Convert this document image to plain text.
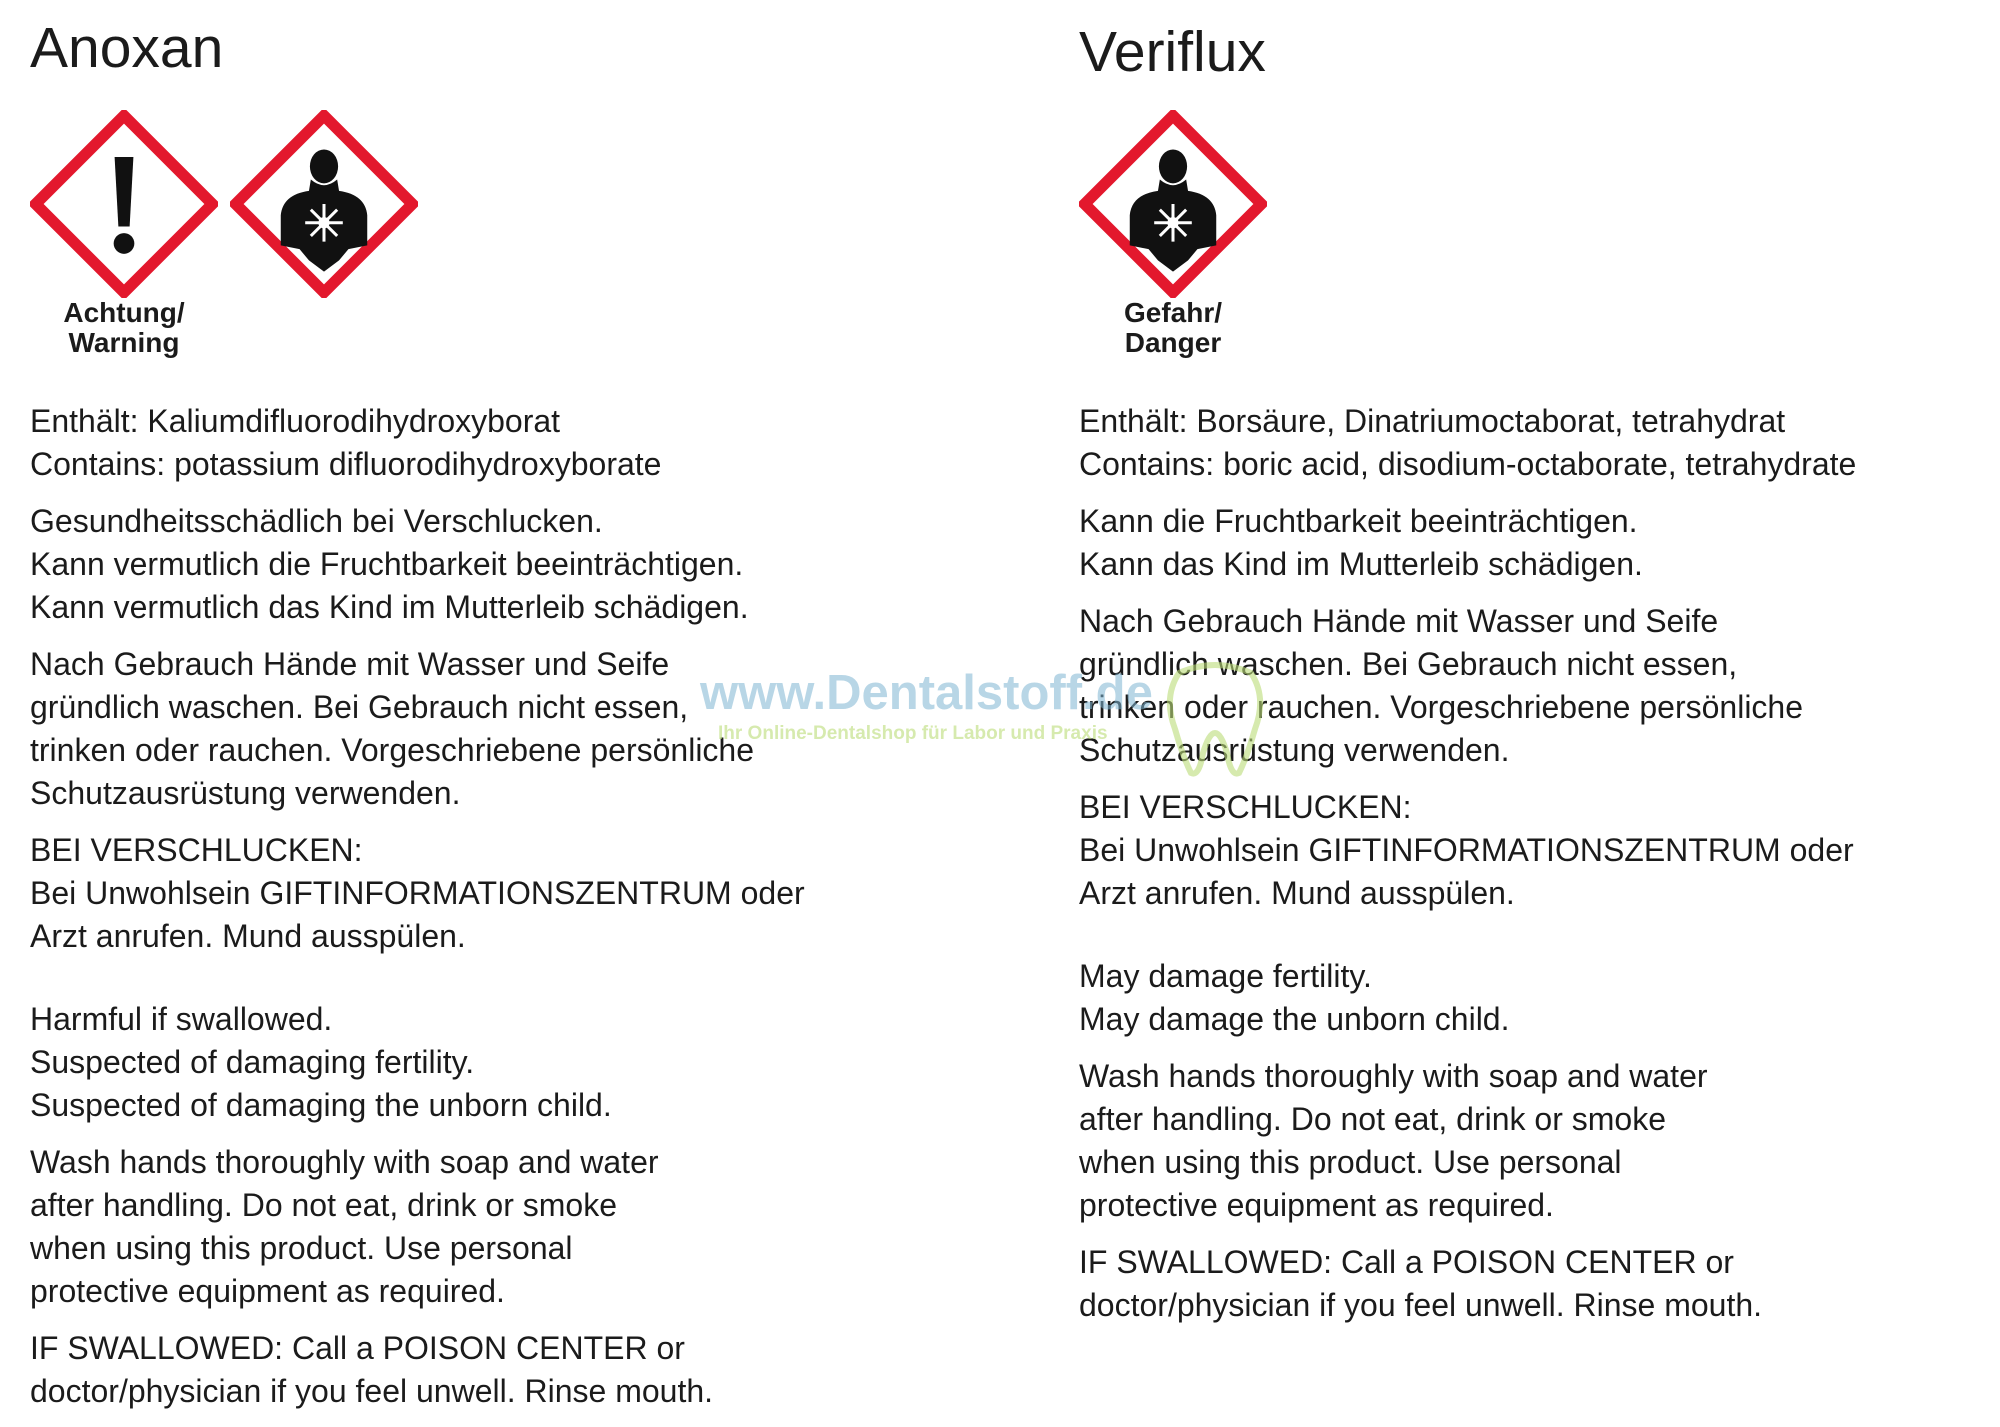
Anoxan
Achtung/
Warning

Enthält: Kaliumdifluorodihydroxyborat
Contains: potassium difluorodihydroxyborate

Gesundheitsschädlich bei Verschlucken.
Kann vermutlich die Fruchtbarkeit beeinträchtigen.
Kann vermutlich das Kind im Mutterleib schädigen.

Nach Gebrauch Hände mit Wasser und Seife
gründlich waschen. Bei Gebrauch nicht essen,
trinken oder rauchen. Vorgeschriebene persönliche
Schutzausrüstung verwenden.

BEI VERSCHLUCKEN:
Bei Unwohlsein GIFTINFORMATIONSZENTRUM oder
Arzt anrufen. Mund ausspülen.

Harmful if swallowed.
Suspected of damaging fertility.
Suspected of damaging the unborn child.

Wash hands thoroughly with soap and water
after handling. Do not eat, drink or smoke
when using this product. Use personal
protective equipment as required.

IF SWALLOWED: Call a POISON CENTER or
doctor/physician if you feel unwell. Rinse mouth.

Veriflux
Gefahr/
Danger

Enthält: Borsäure, Dinatriumoctaborat, tetrahydrat
Contains: boric acid, disodium-octaborate, tetrahydrate

Kann die Fruchtbarkeit beeinträchtigen.
Kann das Kind im Mutterleib schädigen.

Nach Gebrauch Hände mit Wasser und Seife
gründlich waschen. Bei Gebrauch nicht essen,
trinken oder rauchen. Vorgeschriebene persönliche
Schutzausrüstung verwenden.

BEI VERSCHLUCKEN:
Bei Unwohlsein GIFTINFORMATIONSZENTRUM oder
Arzt anrufen. Mund ausspülen.

May damage fertility.
May damage the unborn child.

Wash hands thoroughly with soap and water
after handling. Do not eat, drink or smoke
when using this product. Use personal
protective equipment as required.

IF SWALLOWED: Call a POISON CENTER or
doctor/physician if you feel unwell. Rinse mouth.

www.Dentalstoff.de
Ihr Online-Dentalshop für Labor und Praxis
